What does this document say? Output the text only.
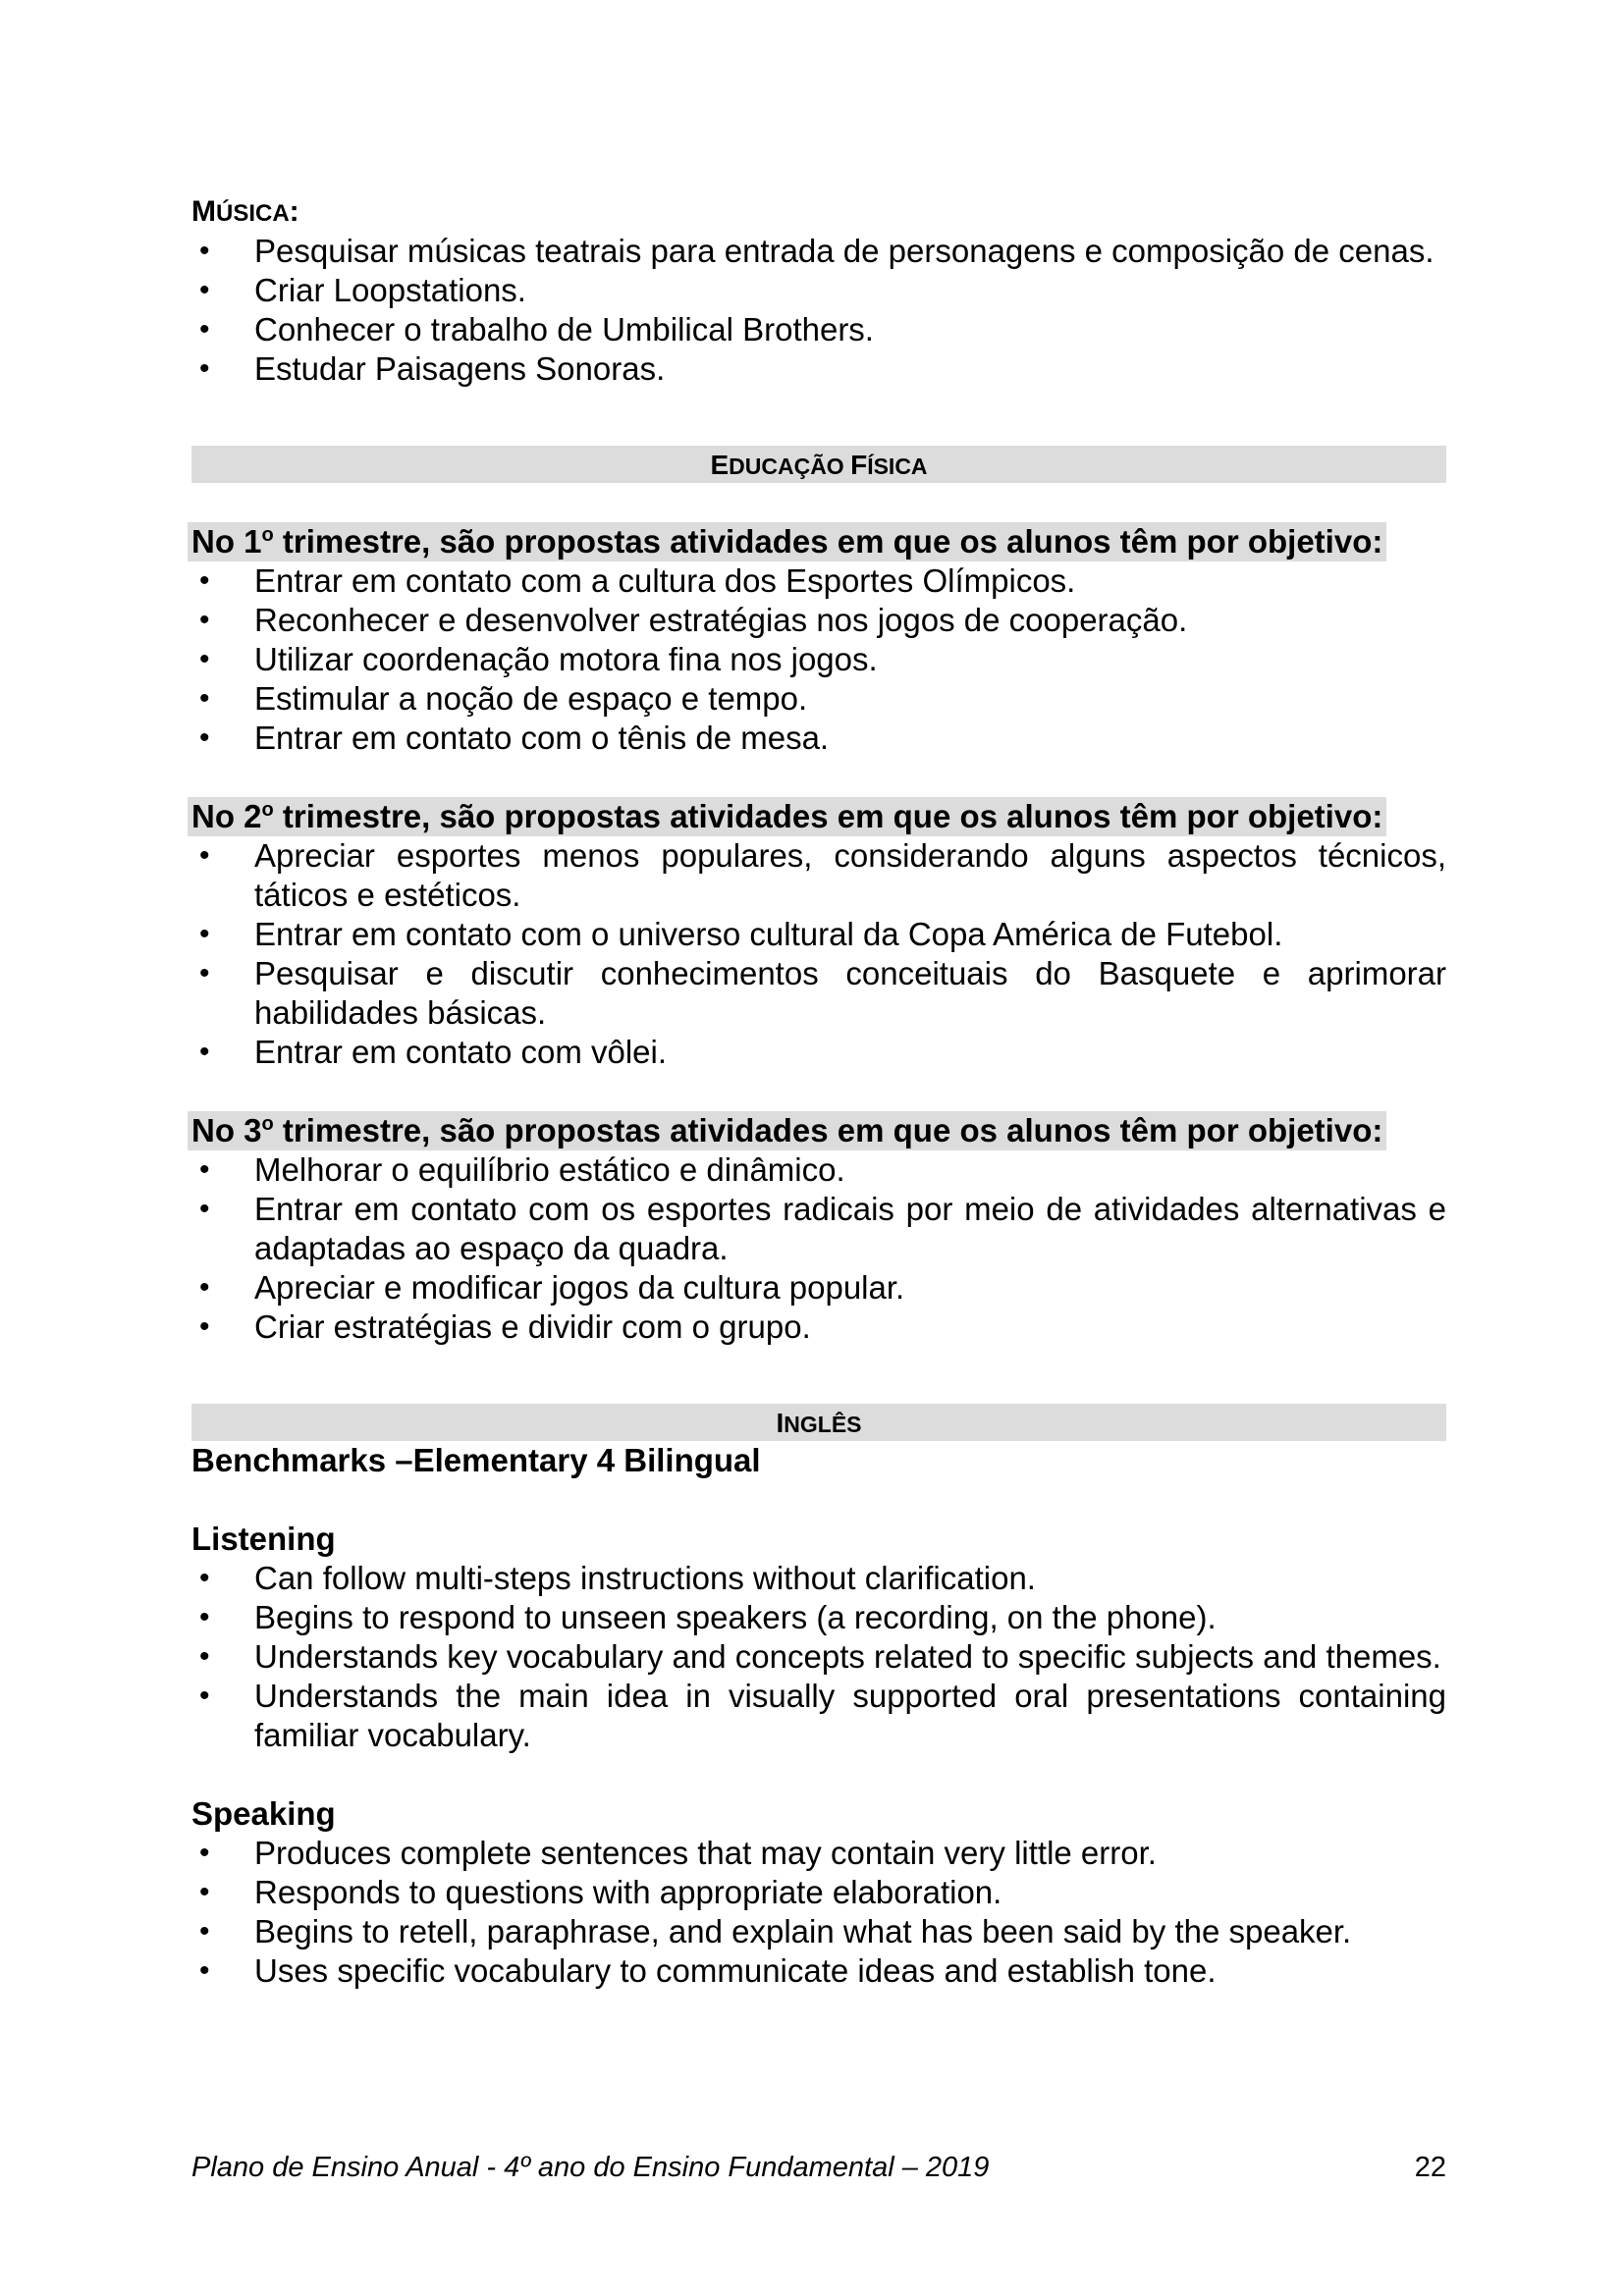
MÚSICA:
• Pesquisar músicas teatrais para entrada de personagens e composição de cenas.
• Criar Loopstations.
• Conhecer o trabalho de Umbilical Brothers.
• Estudar Paisagens Sonoras.
EDUCAÇÃO FÍSICA
No 1$^o$ trimestre, são propostas atividades em que os alunos têm por objetivo:
• Entrar em contato com a cultura dos Esportes Olímpicos.
• Reconhecer e desenvolver estratégias nos jogos de cooperação.
• Utilizar coordenação motora fina nos jogos.
• Estimular a noção de espaço e tempo.
• Entrar em contato com o tênis de mesa.
No 2$^o$ trimestre, são propostas atividades em que os alunos têm por objetivo:
• Apreciar esportes menos populares, considerando alguns aspectos técnicos, táticos e estéticos.
• Entrar em contato com o universo cultural da Copa América de Futebol.
• Pesquisar e discutir conhecimentos conceituais do Basquete e aprimorar habilidades básicas.
• Entrar em contato com vôlei.
No 3$^o$ trimestre, são propostas atividades em que os alunos têm por objetivo:
• Melhorar o equilíbrio estático e dinâmico.
• Entrar em contato com os esportes radicais por meio de atividades alternativas e adaptadas ao espaço da quadra.
• Apreciar e modificar jogos da cultura popular.
• Criar estratégias e dividir com o grupo.
INGLÊS
Benchmarks –Elementary 4 Bilingual
Listening
• Can follow multi-steps instructions without clarification.
• Begins to respond to unseen speakers (a recording, on the phone).
• Understands key vocabulary and concepts related to specific subjects and themes.
• Understands the main idea in visually supported oral presentations containing familiar vocabulary.
Speaking
• Produces complete sentences that may contain very little error.
• Responds to questions with appropriate elaboration.
• Begins to retell, paraphrase, and explain what has been said by the speaker.
• Uses specific vocabulary to communicate ideas and establish tone.
Plano de Ensino Anual - 4º ano do Ensino Fundamental – 2019	22
